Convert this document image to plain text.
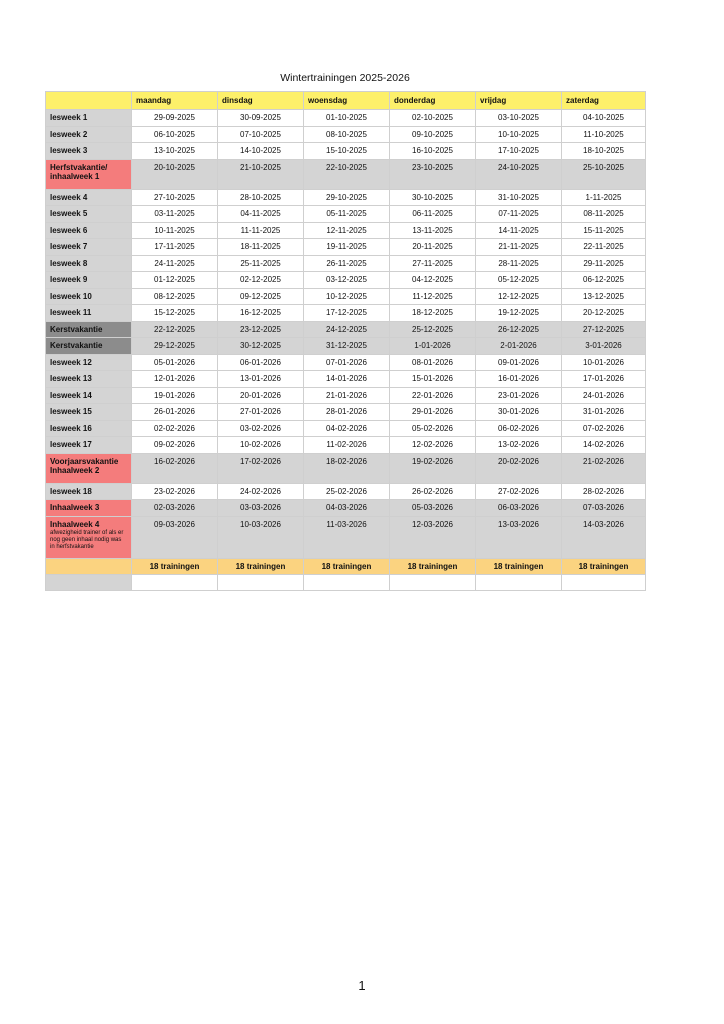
Wintertrainingen 2025-2026
	maandag	dinsdag	woensdag	donderdag	vrijdag	zaterdag
lesweek 1	29-09-2025	30-09-2025	01-10-2025	02-10-2025	03-10-2025	04-10-2025
lesweek 2	06-10-2025	07-10-2025	08-10-2025	09-10-2025	10-10-2025	11-10-2025
lesweek 3	13-10-2025	14-10-2025	15-10-2025	16-10-2025	17-10-2025	18-10-2025
Herfstvakantie/ inhaalweek 1	20-10-2025	21-10-2025	22-10-2025	23-10-2025	24-10-2025	25-10-2025
lesweek 4	27-10-2025	28-10-2025	29-10-2025	30-10-2025	31-10-2025	1-11-2025
lesweek 5	03-11-2025	04-11-2025	05-11-2025	06-11-2025	07-11-2025	08-11-2025
lesweek 6	10-11-2025	11-11-2025	12-11-2025	13-11-2025	14-11-2025	15-11-2025
lesweek 7	17-11-2025	18-11-2025	19-11-2025	20-11-2025	21-11-2025	22-11-2025
lesweek 8	24-11-2025	25-11-2025	26-11-2025	27-11-2025	28-11-2025	29-11-2025
lesweek 9	01-12-2025	02-12-2025	03-12-2025	04-12-2025	05-12-2025	06-12-2025
lesweek 10	08-12-2025	09-12-2025	10-12-2025	11-12-2025	12-12-2025	13-12-2025
lesweek 11	15-12-2025	16-12-2025	17-12-2025	18-12-2025	19-12-2025	20-12-2025
Kerstvakantie	22-12-2025	23-12-2025	24-12-2025	25-12-2025	26-12-2025	27-12-2025
Kerstvakantie	29-12-2025	30-12-2025	31-12-2025	1-01-2026	2-01-2026	3-01-2026
lesweek 12	05-01-2026	06-01-2026	07-01-2026	08-01-2026	09-01-2026	10-01-2026
lesweek 13	12-01-2026	13-01-2026	14-01-2026	15-01-2026	16-01-2026	17-01-2026
lesweek 14	19-01-2026	20-01-2026	21-01-2026	22-01-2026	23-01-2026	24-01-2026
lesweek 15	26-01-2026	27-01-2026	28-01-2026	29-01-2026	30-01-2026	31-01-2026
lesweek 16	02-02-2026	03-02-2026	04-02-2026	05-02-2026	06-02-2026	07-02-2026
lesweek 17	09-02-2026	10-02-2026	11-02-2026	12-02-2026	13-02-2026	14-02-2026
Voorjaarsvakantie Inhaalweek 2	16-02-2026	17-02-2026	18-02-2026	19-02-2026	20-02-2026	21-02-2026
lesweek 18	23-02-2026	24-02-2026	25-02-2026	26-02-2026	27-02-2026	28-02-2026
Inhaalweek 3	02-03-2026	03-03-2026	04-03-2026	05-03-2026	06-03-2026	07-03-2026
Inhaalweek 4
afwezigheid trainer of als er nog geen inhaal nodig was in herfstvakantie	09-03-2026	10-03-2026	11-03-2026	12-03-2026	13-03-2026	14-03-2026
	18 trainingen	18 trainingen	18 trainingen	18 trainingen	18 trainingen	18 trainingen

1
